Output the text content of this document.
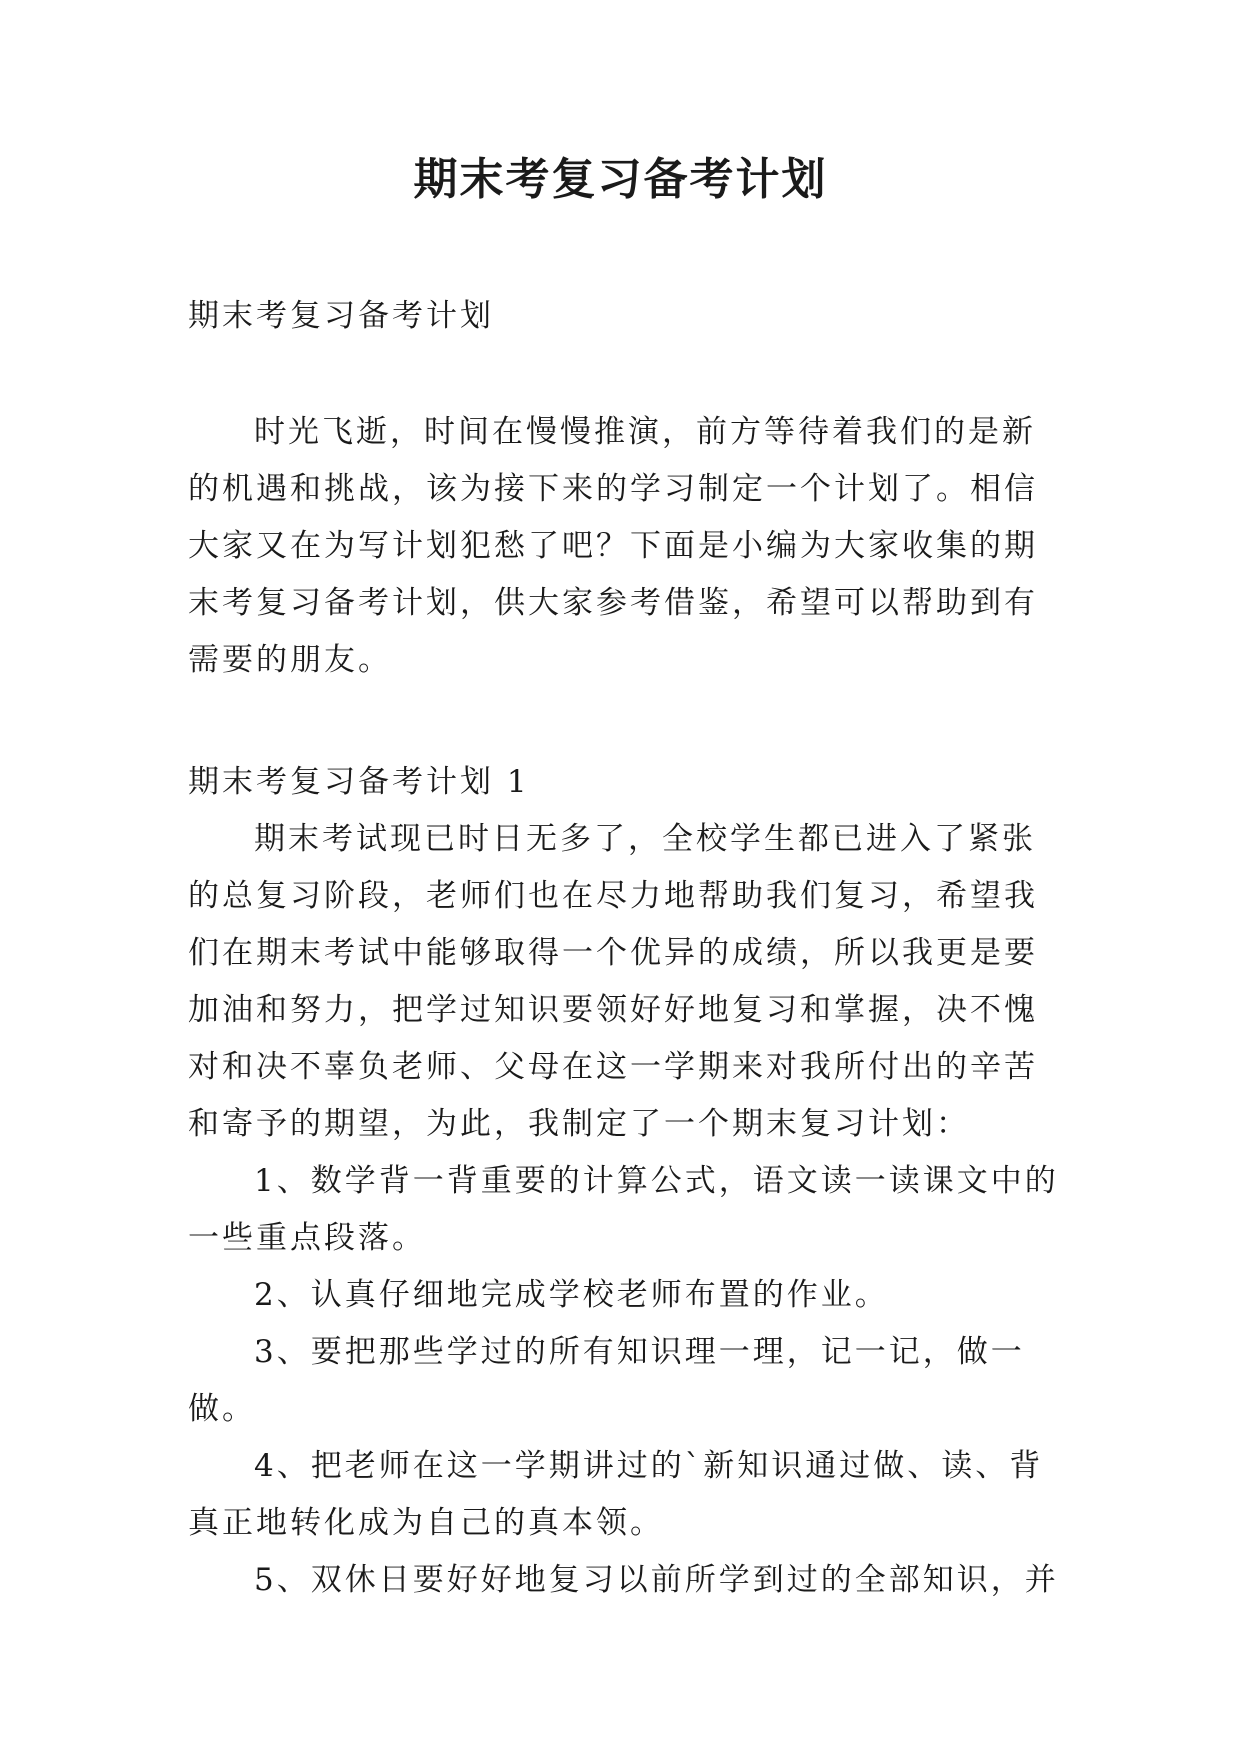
期末考复习备考计划

期末考复习备考计划

时光飞逝，时间在慢慢推演，前方等待着我们的是新的机遇和挑战，该为接下来的学习制定一个计划了。相信大家又在为写计划犯愁了吧？下面是小编为大家收集的期末考复习备考计划，供大家参考借鉴，希望可以帮助到有需要的朋友。

期末考复习备考计划 1

期末考试现已时日无多了，全校学生都已进入了紧张的总复习阶段，老师们也在尽力地帮助我们复习，希望我们在期末考试中能够取得一个优异的成绩，所以我更是要加油和努力，把学过知识要领好好地复习和掌握，决不愧对和决不辜负老师、父母在这一学期来对我所付出的辛苦和寄予的期望，为此，我制定了一个期末复习计划：

1、数学背一背重要的计算公式，语文读一读课文中的一些重点段落。

2、认真仔细地完成学校老师布置的作业。

3、要把那些学过的所有知识理一理，记一记，做一做。

4、把老师在这一学期讲过的`新知识通过做、读、背真正地转化成为自己的真本领。

5、双休日要好好地复习以前所学到过的全部知识，并
